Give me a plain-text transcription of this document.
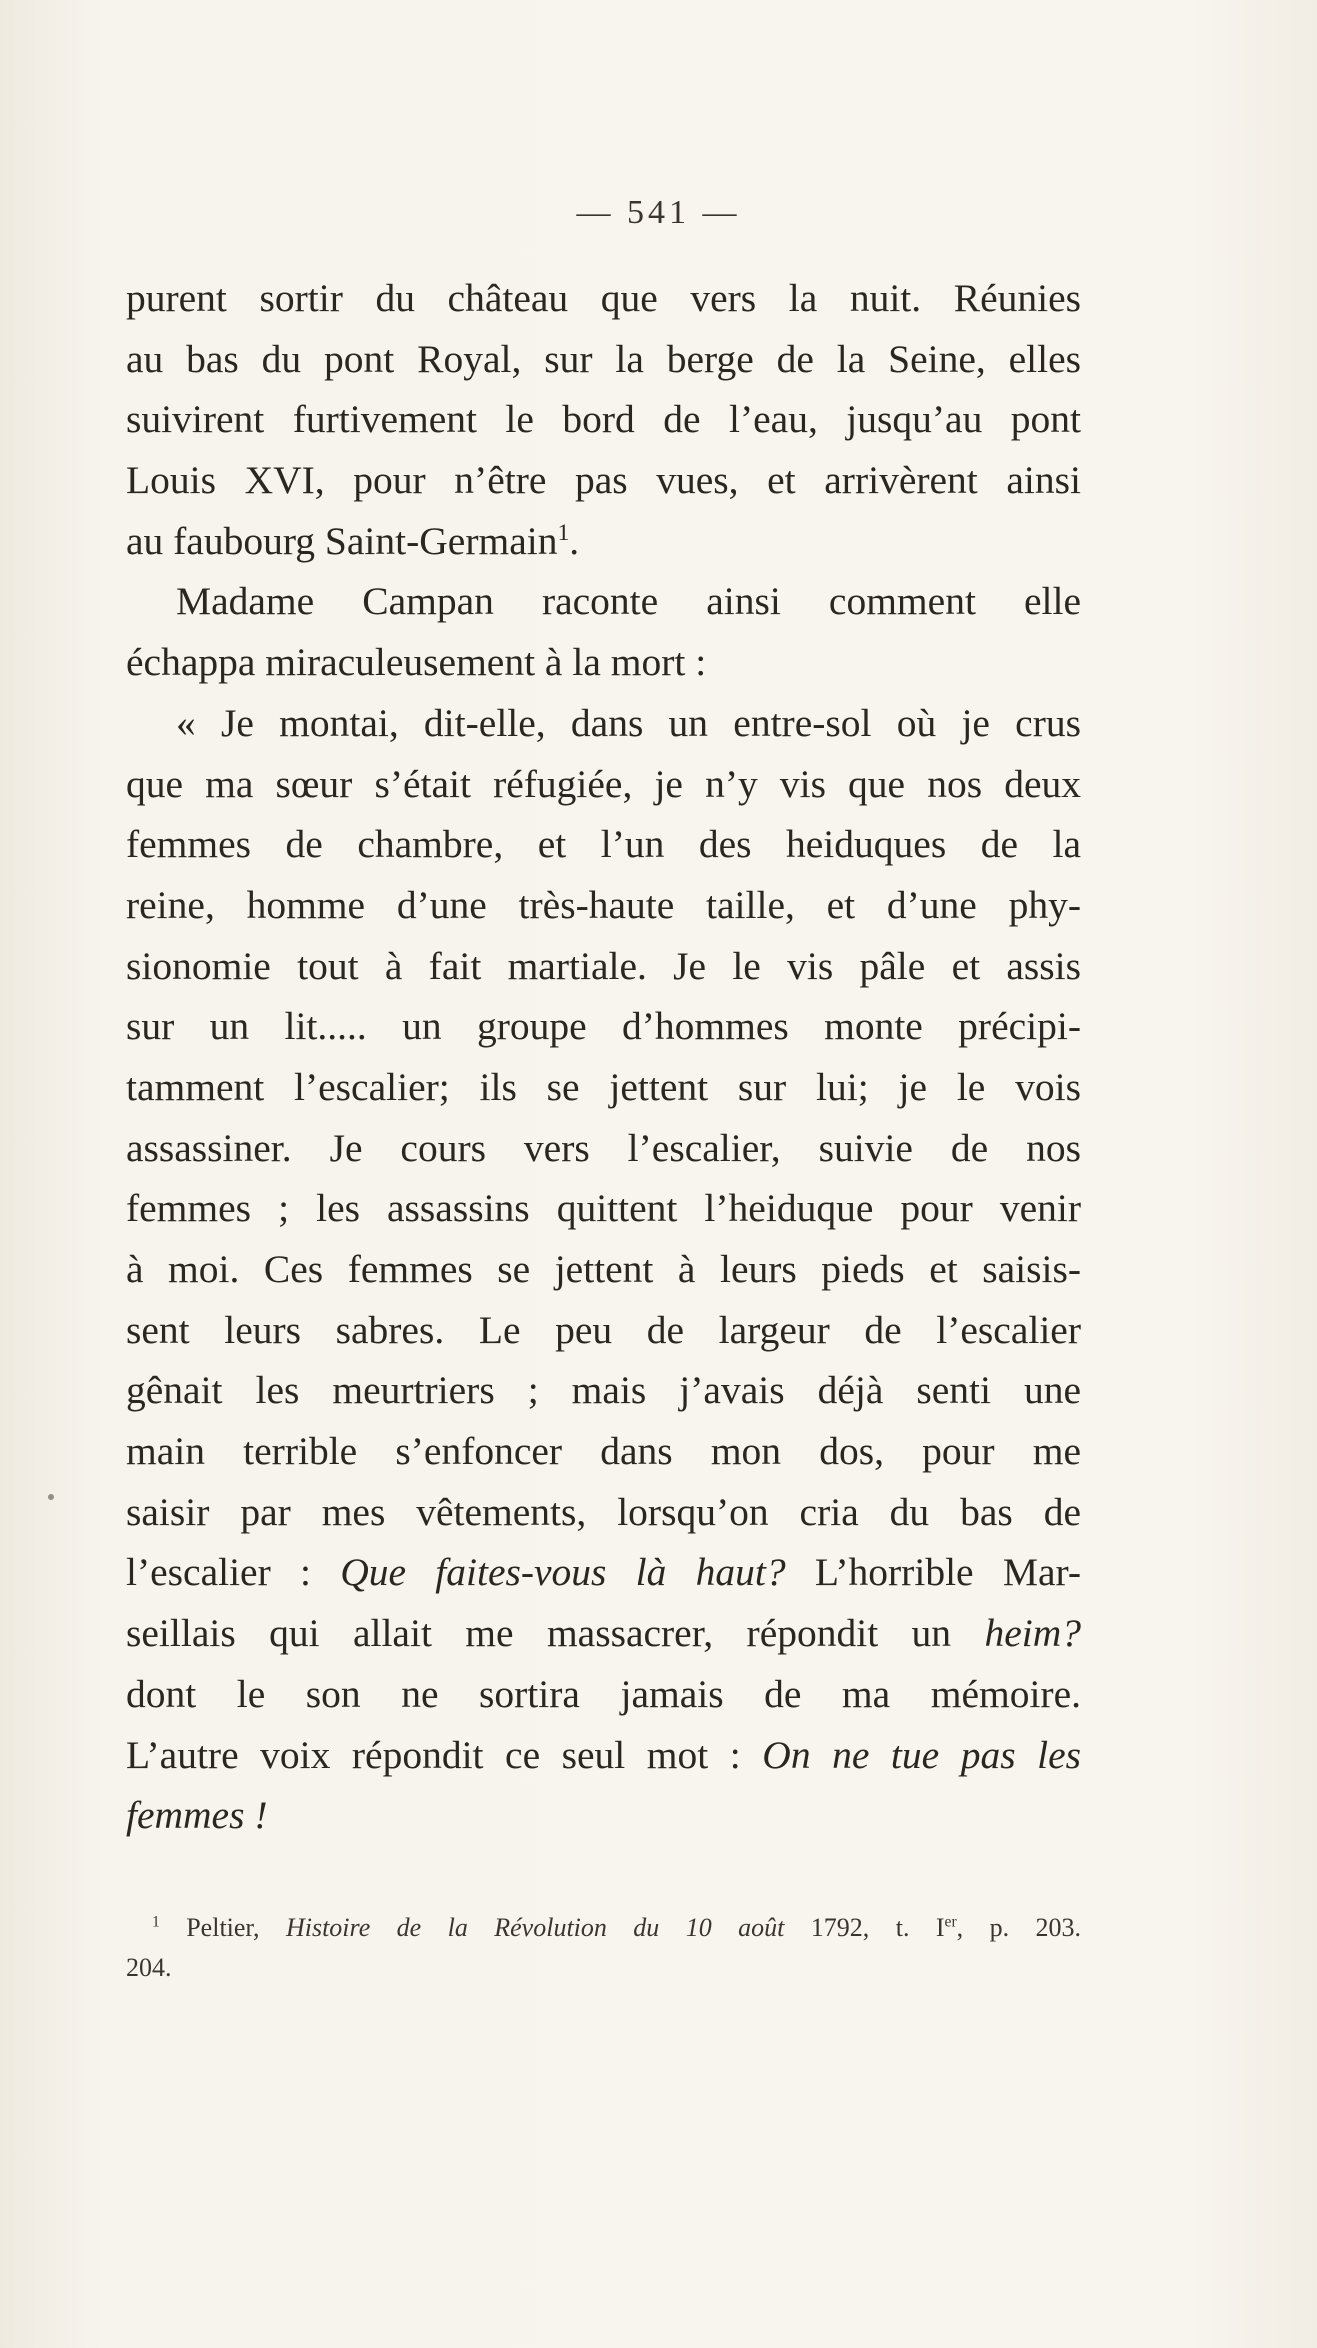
— 541 —
purent sortir du château que vers la nuit. Réunies
au bas du pont Royal, sur la berge de la Seine, elles
suivirent furtivement le bord de l’eau, jusqu’au pont
Louis XVI, pour n’être pas vues, et arrivèrent ainsi
au faubourg Saint-Germain$^1$.
Madame Campan raconte ainsi comment elle
échappa miraculeusement à la mort :
« Je montai, dit-elle, dans un entre-sol où je crus
que ma sœur s’était réfugiée, je n’y vis que nos deux
femmes de chambre, et l’un des heiduques de la
reine, homme d’une très-haute taille, et d’une phy-
sionomie tout à fait martiale. Je le vis pâle et assis
sur un lit..... un groupe d’hommes monte précipi-
tamment l’escalier; ils se jettent sur lui; je le vois
assassiner. Je cours vers l’escalier, suivie de nos
femmes ; les assassins quittent l’heiduque pour venir
à moi. Ces femmes se jettent à leurs pieds et saisis-
sent leurs sabres. Le peu de largeur de l’escalier
gênait les meurtriers ; mais j’avais déjà senti une
main terrible s’enfoncer dans mon dos, pour me
saisir par mes vêtements, lorsqu’on cria du bas de
l’escalier : Que faites-vous là haut? L’horrible Mar-
seillais qui allait me massacrer, répondit un heim?
dont le son ne sortira jamais de ma mémoire.
L’autre voix répondit ce seul mot : On ne tue pas les
femmes !
$^1$ Peltier, Histoire de la Révolution du 10 août 1792, t. Ier, p. 203.
204.
